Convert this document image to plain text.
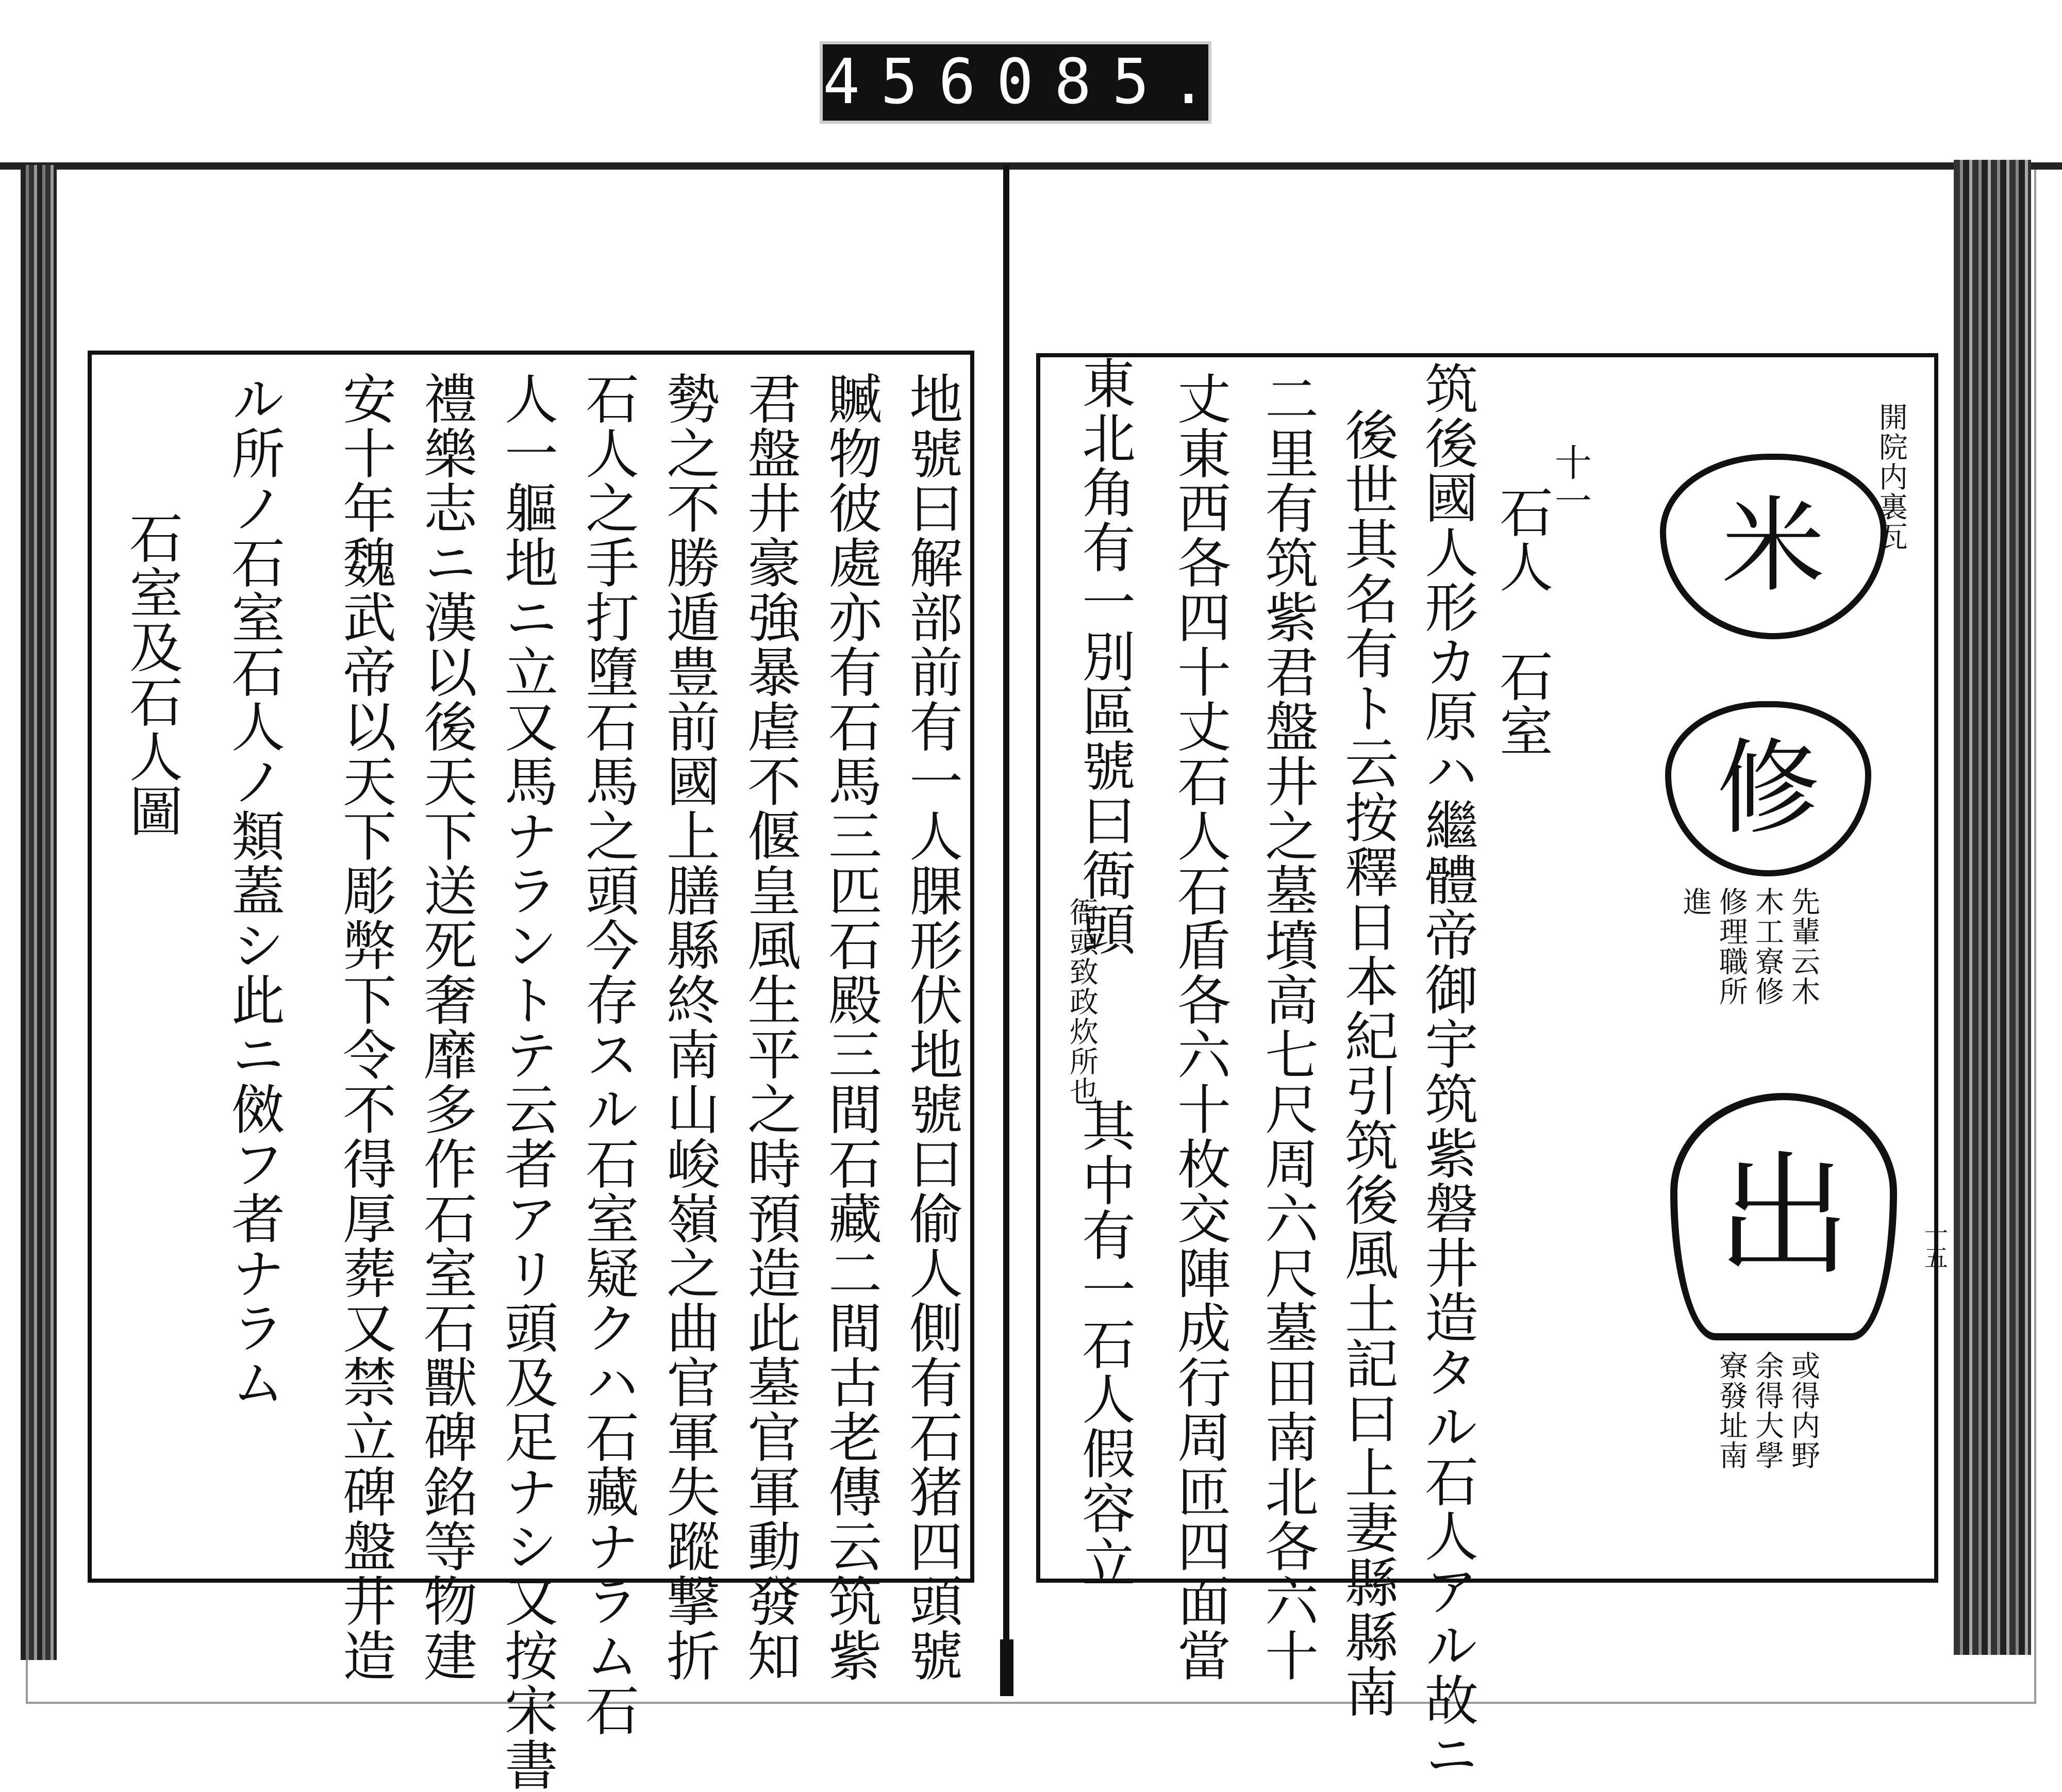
456 085.
地號曰解部前有一人腂形伏地號曰偷人側有石猪四頭號
贓物彼處亦有石馬三匹石殿三間石藏二間古老傳云筑紫
君盤井豪強暴虐不偃皇風生平之時預造此墓官軍動發知
勢之不勝遁豊前國上膳縣終南山峻嶺之曲官軍失蹤撃折
石人之手打墮石馬之頭今存スル石室疑クハ石藏ナラム石
人一軀地ニ立又馬ナラントテ云者アリ頭及足ナシ又按宋書
禮樂志ニ漢以後天下送死奢靡多作石室石獸碑銘等物建
安十年魏武帝以天下彫弊下令不得厚葬又禁立碑盤井造
ル所ノ石室石人ノ類蓋シ此ニ傚フ者ナラム
石室及石人圖
十一
石人　石室
筑後國人形カ原ハ繼體帝御宇筑紫磐井造タル石人アル故ニ
後世其名有ト云按釋日本紀引筑後風土記曰上妻縣縣南
二里有筑紫君盤井之墓墳高七尺周六尺墓田南北各六十
丈東西各四十丈石人石盾各六十枚交陣成行周匝四面當
東北角有一別區號曰衙頭
衙頭致政炊所也
其中有一石人假容立
開院内裏瓦
米
修
先輩云木
木工寮修
修理職所
進
出
或得内野
余得大學
寮發址南
十五
